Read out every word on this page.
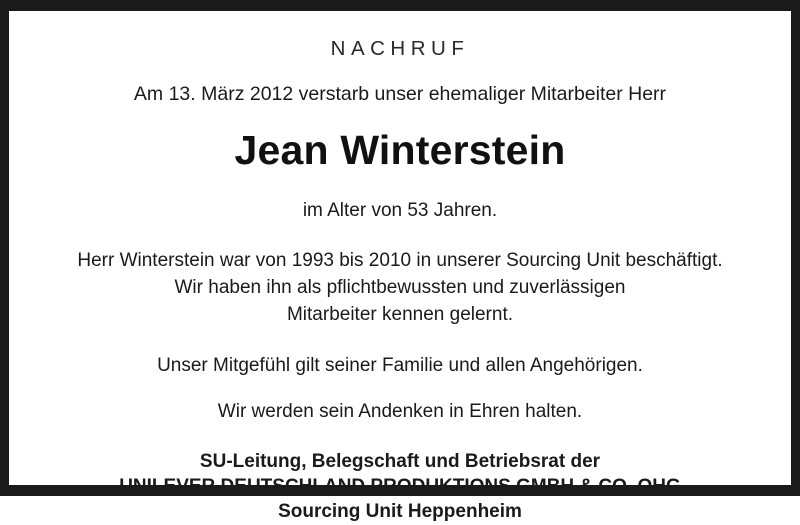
NACHRUF
Am 13. März 2012 verstarb unser ehemaliger Mitarbeiter Herr
Jean Winterstein
im Alter von 53 Jahren.
Herr Winterstein war von 1993 bis 2010 in unserer Sourcing Unit beschäftigt.
Wir haben ihn als pflichtbewussten und zuverlässigen
Mitarbeiter kennen gelernt.
Unser Mitgefühl gilt seiner Familie und allen Angehörigen.
Wir werden sein Andenken in Ehren halten.
SU-Leitung, Belegschaft und Betriebsrat der
UNILEVER DEUTSCHLAND PRODUKTIONS GMBH & CO. OHG
Sourcing Unit Heppenheim
